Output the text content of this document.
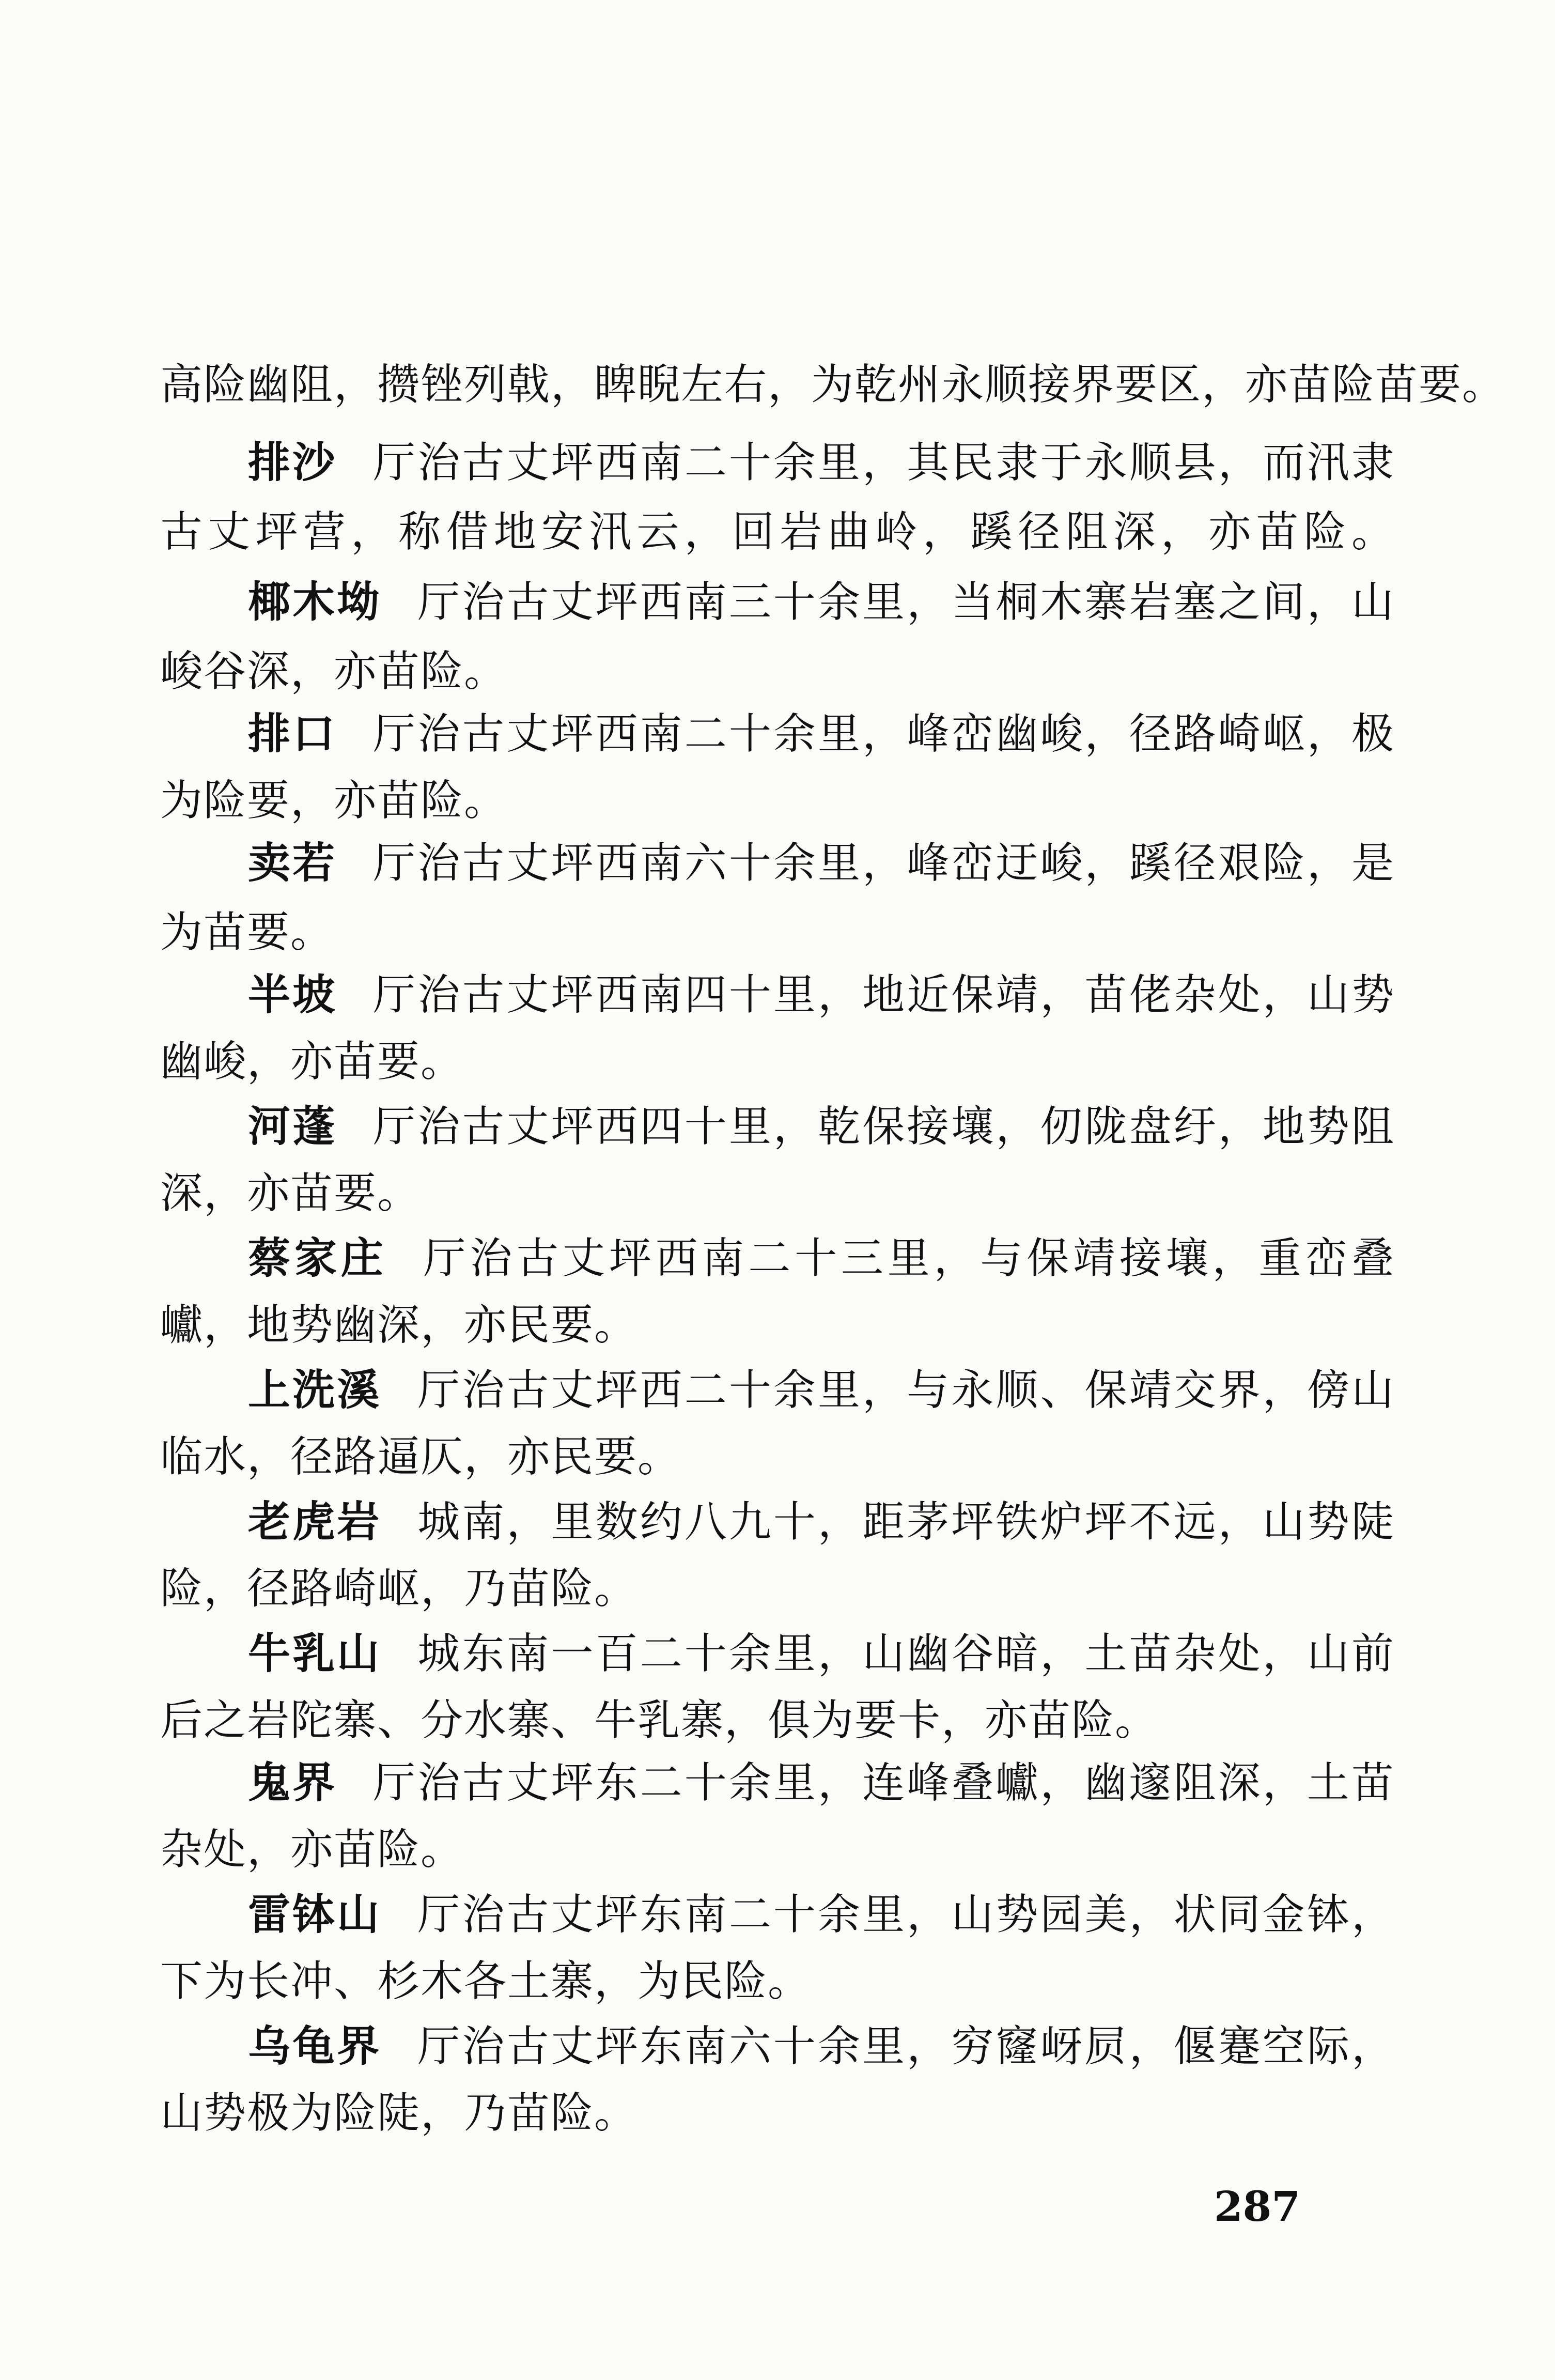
高险幽阻，攒锉列戟，睥睨左右，为乾州永顺接界要区，亦苗险苗要。
排沙 厅治古丈坪西南二十余里，其民隶于永顺县，而汛隶
古丈坪营，称借地安汛云，回岩曲岭，蹊径阻深，亦苗险。
椰木坳 厅治古丈坪西南三十余里，当桐木寨岩塞之间，山
峻谷深，亦苗险。
排口 厅治古丈坪西南二十余里，峰峦幽峻，径路崎岖，极
为险要，亦苗险。
卖若 厅治古丈坪西南六十余里，峰峦迂峻，蹊径艰险，是
为苗要。
半坡 厅治古丈坪西南四十里，地近保靖，苗佬杂处，山势
幽峻，亦苗要。
河蓬 厅治古丈坪西四十里，乾保接壤，仞陇盘纡，地势阻
深，亦苗要。
蔡家庄 厅治古丈坪西南二十三里，与保靖接壤，重峦叠
巘，地势幽深，亦民要。
上洗溪 厅治古丈坪西二十余里，与永顺、保靖交界，傍山
临水，径路逼仄，亦民要。
老虎岩 城南，里数约八九十，距茅坪铁炉坪不远，山势陡
险，径路崎岖，乃苗险。
牛乳山 城东南一百二十余里，山幽谷暗，土苗杂处，山前
后之岩陀寨、分水寨、牛乳寨，俱为要卡，亦苗险。
鬼界 厅治古丈坪东二十余里，连峰叠巘，幽邃阻深，土苗
杂处，亦苗险。
雷钵山 厅治古丈坪东南二十余里，山势园美，状同金钵，
下为长冲、杉木各土寨，为民险。
乌龟界 厅治古丈坪东南六十余里，穷窿岈屃，偃蹇空际，
山势极为险陡，乃苗险。
287
